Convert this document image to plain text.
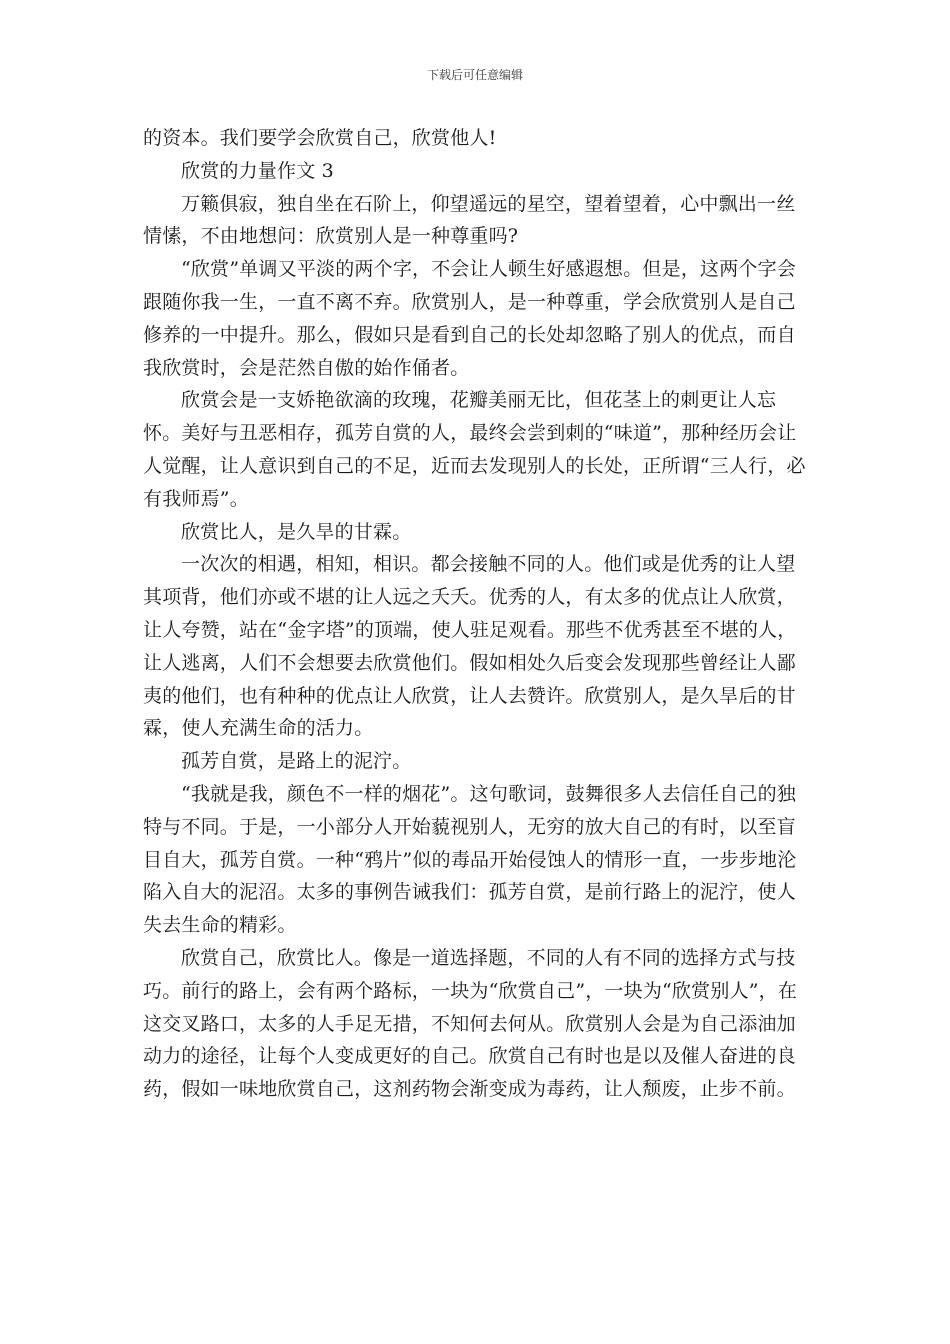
下载后可任意编辑

的资本。我们要学会欣赏自己，欣赏他人!

欣赏的力量作文 3

万籁俱寂，独自坐在石阶上，仰望遥远的星空，望着望着，心中飘出一丝情愫，不由地想问：欣赏别人是一种尊重吗?

“欣赏”单调又平淡的两个字，不会让人顿生好感遐想。但是，这两个字会跟随你我一生，一直不离不弃。欣赏别人，是一种尊重，学会欣赏别人是自己修养的一中提升。那么，假如只是看到自己的长处却忽略了别人的优点，而自我欣赏时，会是茫然自傲的始作俑者。

欣赏会是一支娇艳欲滴的玫瑰，花瓣美丽无比，但花茎上的刺更让人忘怀。美好与丑恶相存，孤芳自赏的人，最终会尝到刺的“味道”，那种经历会让人觉醒，让人意识到自己的不足，近而去发现别人的长处，正所谓“三人行，必有我师焉”。

欣赏比人，是久旱的甘霖。

一次次的相遇，相知，相识。都会接触不同的人。他们或是优秀的让人望其项背，他们亦或不堪的让人远之夭夭。优秀的人，有太多的优点让人欣赏，让人夸赞，站在“金字塔”的顶端，使人驻足观看。那些不优秀甚至不堪的人，让人逃离，人们不会想要去欣赏他们。假如相处久后变会发现那些曾经让人鄙夷的他们，也有种种的优点让人欣赏，让人去赞许。欣赏别人，是久旱后的甘霖，使人充满生命的活力。

孤芳自赏，是路上的泥泞。

“我就是我，颜色不一样的烟花”。这句歌词，鼓舞很多人去信任自己的独特与不同。于是，一小部分人开始藐视别人，无穷的放大自己的有时，以至盲目自大，孤芳自赏。一种“鸦片”似的毒品开始侵蚀人的情形一直，一步步地沦陷入自大的泥沼。太多的事例告诫我们：孤芳自赏，是前行路上的泥泞，使人失去生命的精彩。

欣赏自己，欣赏比人。像是一道选择题，不同的人有不同的选择方式与技巧。前行的路上，会有两个路标，一块为“欣赏自己”，一块为“欣赏别人”，在这交叉路口，太多的人手足无措，不知何去何从。欣赏别人会是为自己添油加动力的途径，让每个人变成更好的自己。欣赏自己有时也是以及催人奋进的良药，假如一味地欣赏自己，这剂药物会渐变成为毒药，让人颓废，止步不前。
